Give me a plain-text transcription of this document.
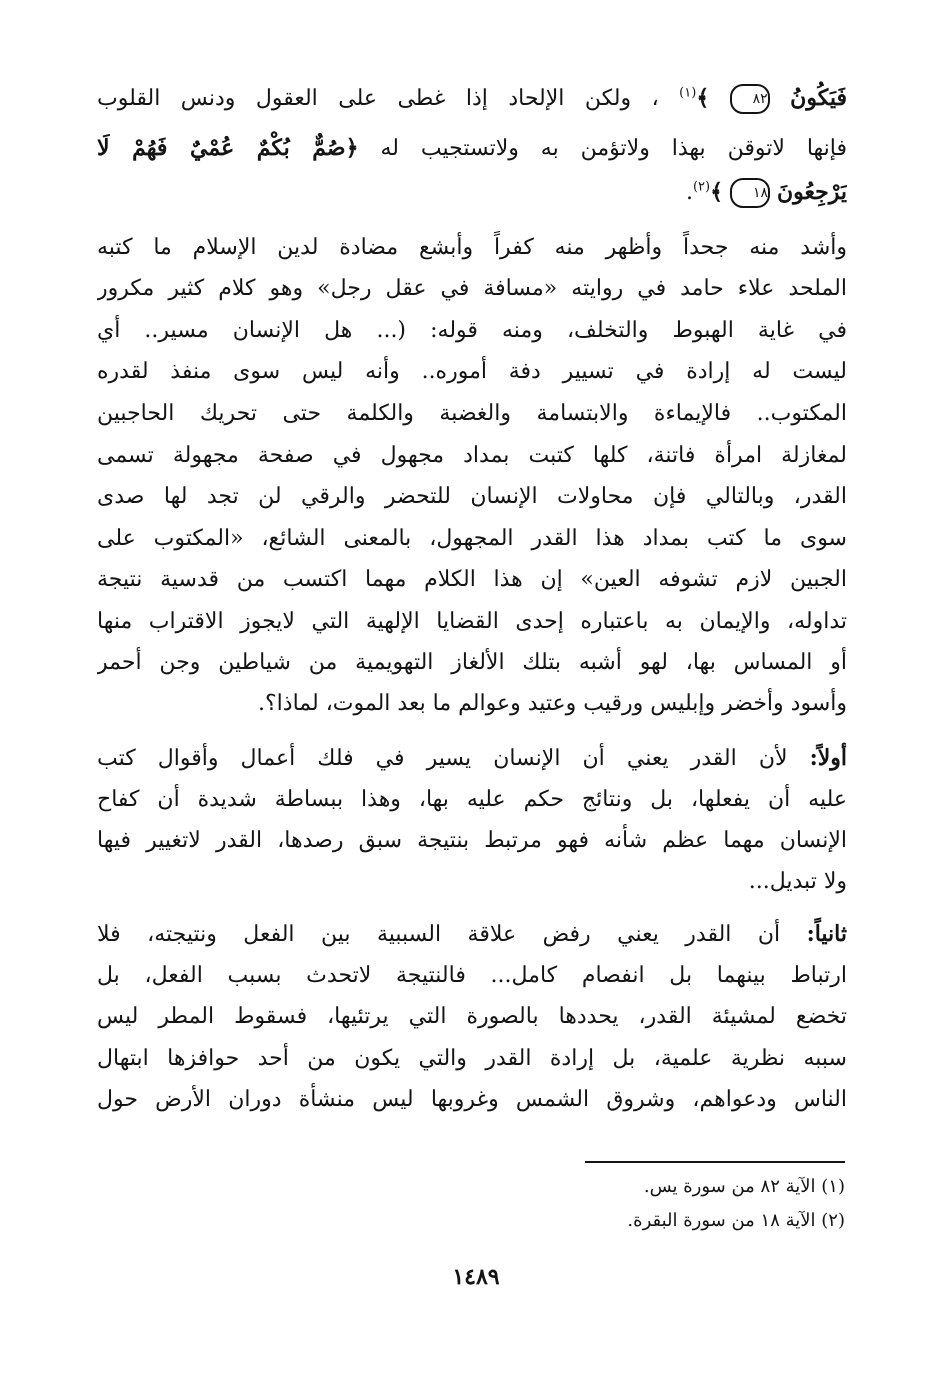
فَيَكُونُ ٨٢ ﴾$^{(١)}$ ، ولكن الإلحاد إذا غطى على العقول ودنس القلوب
فإنها لاتوقن بهذا ولاتؤمن به ولاتستجيب له ﴿صُمٌّ بُكْمٌ عُمْيٌ فَهُمْ لَا
يَرْجِعُونَ ١٨ ﴾$^{(٢)}$.
وأشد منه جحداً وأظهر منه كفراً وأبشع مضادة لدين الإسلام ما كتبه
الملحد علاء حامد في روايته «مسافة في عقل رجل» وهو كلام كثير مكرور
في غاية الهبوط والتخلف، ومنه قوله: (... هل الإنسان مسير.. أي
ليست له إرادة في تسيير دفة أموره.. وأنه ليس سوى منفذ لقدره
المكتوب.. فالإيماءة والابتسامة والغضبة والكلمة حتى تحريك الحاجبين
لمغازلة امرأة فاتنة، كلها كتبت بمداد مجهول في صفحة مجهولة تسمى
القدر، وبالتالي فإن محاولات الإنسان للتحضر والرقي لن تجد لها صدى
سوى ما كتب بمداد هذا القدر المجهول، بالمعنى الشائع، «المكتوب على
الجبين لازم تشوفه العين» إن هذا الكلام مهما اكتسب من قدسية نتيجة
تداوله، والإيمان به باعتباره إحدى القضايا الإلهية التي لايجوز الاقتراب منها
أو المساس بها، لهو أشبه بتلك الألغاز التهويمية من شياطين وجن أحمر
وأسود وأخضر وإبليس ورقيب وعتيد وعوالم ما بعد الموت، لماذا؟.
أولاً: لأن القدر يعني أن الإنسان يسير في فلك أعمال وأقوال كتب
عليه أن يفعلها، بل ونتائج حكم عليه بها، وهذا ببساطة شديدة أن كفاح
الإنسان مهما عظم شأنه فهو مرتبط بنتيجة سبق رصدها، القدر لاتغيير فيها
ولا تبديل...
ثانياً: أن القدر يعني رفض علاقة السببية بين الفعل ونتيجته، فلا
ارتباط بينهما بل انفصام كامل... فالنتيجة لاتحدث بسبب الفعل، بل
تخضع لمشيئة القدر، يحددها بالصورة التي يرتئيها، فسقوط المطر ليس
سببه نظرية علمية، بل إرادة القدر والتي يكون من أحد حوافزها ابتهال
الناس ودعواهم، وشروق الشمس وغروبها ليس منشأة دوران الأرض حول
(١) الآية ٨٢ من سورة يس.
(٢) الآية ١٨ من سورة البقرة.
١٤٨٩
